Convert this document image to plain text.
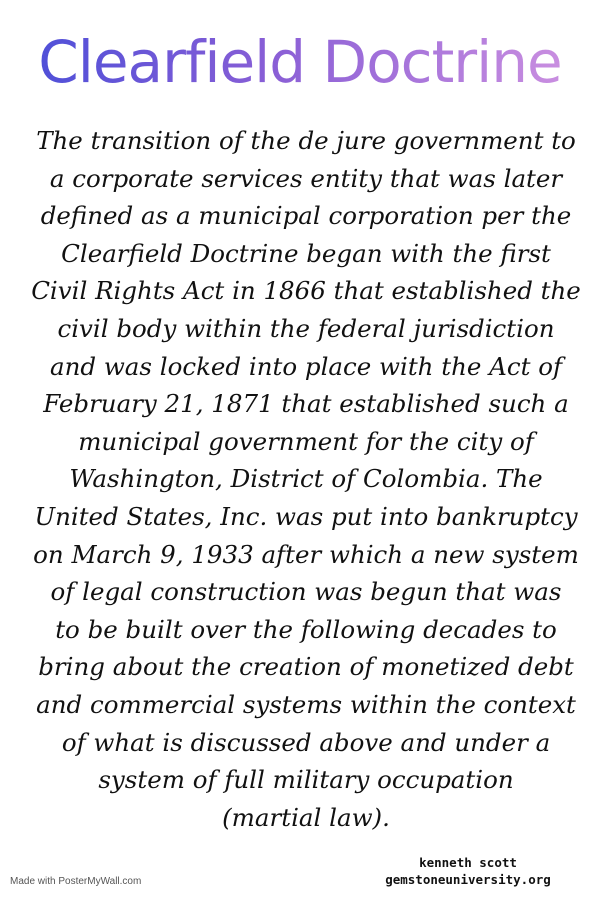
Clearfield Doctrine
The transition of the de jure government to
a corporate services entity that was later
defined as a municipal corporation per the
Clearfield Doctrine began with the first
Civil Rights Act in 1866 that established the
civil body within the federal jurisdiction
and was locked into place with the Act of
February 21, 1871 that established such a
municipal government for the city of
Washington, District of Colombia. The
United States, Inc. was put into bankruptcy
on March 9, 1933 after which a new system
of legal construction was begun that was
to be built over the following decades to
bring about the creation of monetized debt
and commercial systems within the context
of what is discussed above and under a
system of full military occupation
(martial law).
Made with PosterMyWall.com
kenneth scott
gemstoneuniversity.org
